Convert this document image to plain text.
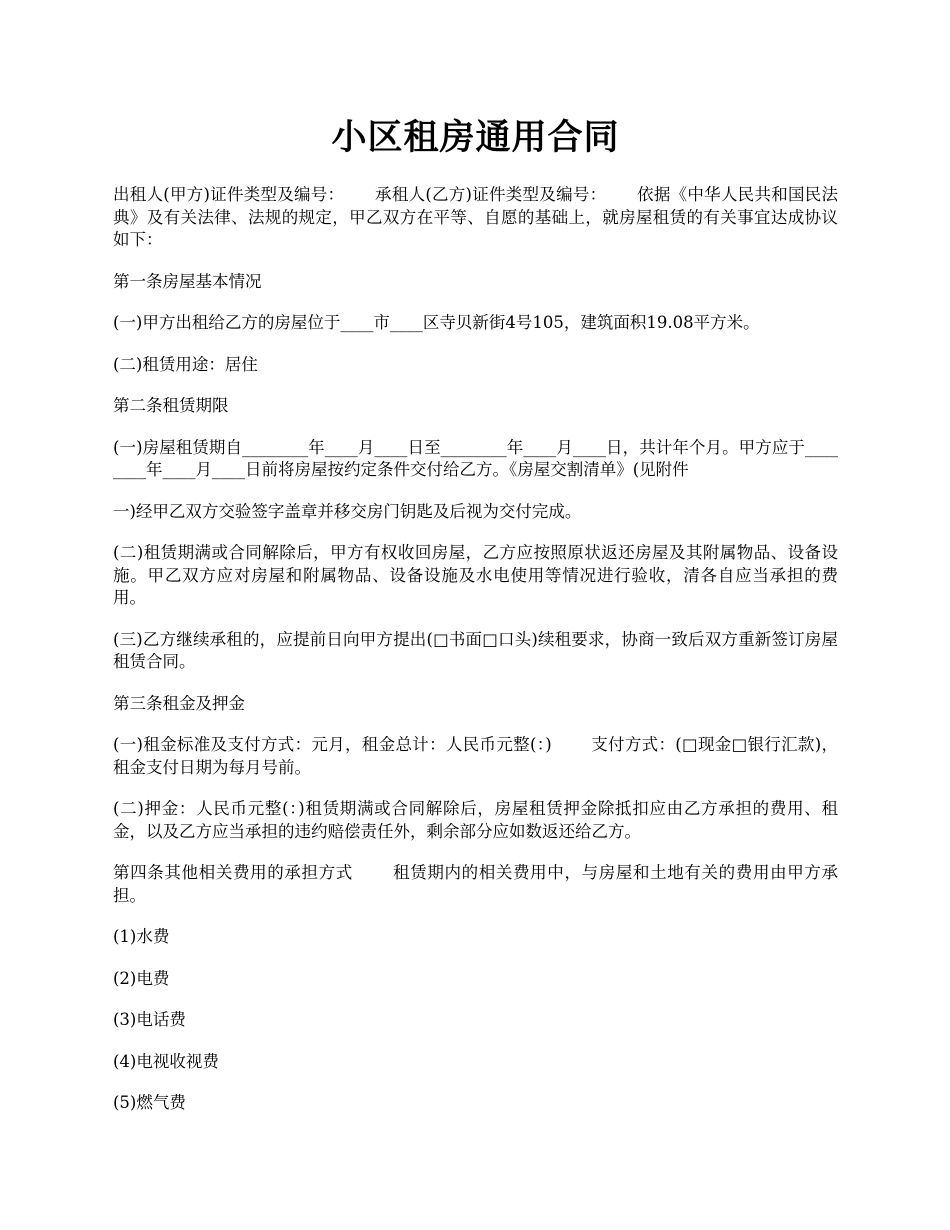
小区租房通用合同

出租人(甲方)证件类型及编号：　　 承租人(乙方)证件类型及编号：　　 依据《中华人民共和国民法典》及有关法律、法规的规定，甲乙双方在平等、自愿的基础上，就房屋租赁的有关事宜达成协议如下：

第一条房屋基本情况

(一)甲方出租给乙方的房屋位于____市____区寺贝新街4号105，建筑面积19.08平方米。

(二)租赁用途：居住

第二条租赁期限

(一)房屋租赁期自________年____月____日至________年____月____日，共计年个月。甲方应于________年____月____日前将房屋按约定条件交付给乙方。《房屋交割清单》(见附件

一)经甲乙双方交验签字盖章并移交房门钥匙及后视为交付完成。

(二)租赁期满或合同解除后，甲方有权收回房屋，乙方应按照原状返还房屋及其附属物品、设备设施。甲乙双方应对房屋和附属物品、设备设施及水电使用等情况进行验收，清各自应当承担的费用。

(三)乙方继续承租的，应提前日向甲方提出(□书面□口头)续租要求，协商一致后双方重新签订房屋租赁合同。

第三条租金及押金

(一)租金标准及支付方式：元月，租金总计：人民币元整(：)　　 支付方式：(□现金□银行汇款)，租金支付日期为每月号前。

(二)押金：人民币元整(：)租赁期满或合同解除后，房屋租赁押金除抵扣应由乙方承担的费用、租金，以及乙方应当承担的违约赔偿责任外，剩余部分应如数返还给乙方。

第四条其他相关费用的承担方式　　 租赁期内的相关费用中，与房屋和土地有关的费用由甲方承担。

(1)水费

(2)电费

(3)电话费

(4)电视收视费

(5)燃气费
